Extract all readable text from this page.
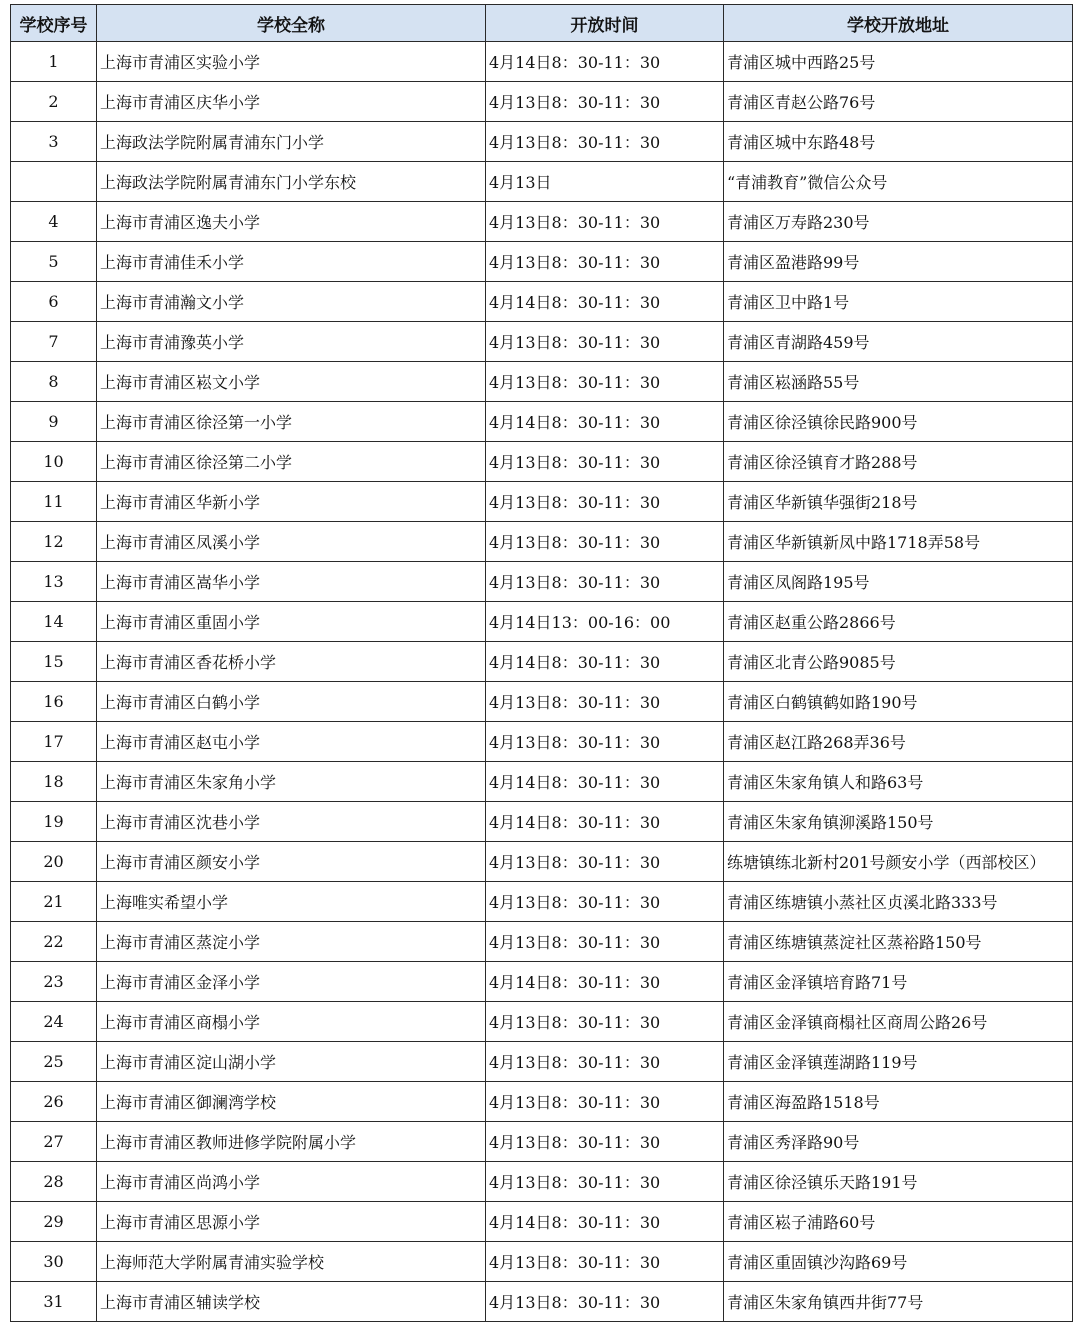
学校序号	学校全称	开放时间	学校开放地址
1	上海市青浦区实验小学	4月14日8：30-11：30	青浦区城中西路25号
2	上海市青浦区庆华小学	4月13日8：30-11：30	青浦区青赵公路76号
3	上海政法学院附属青浦东门小学	4月13日8：30-11：30	青浦区城中东路48号
	上海政法学院附属青浦东门小学东校	4月13日	“青浦教育”微信公众号
4	上海市青浦区逸夫小学	4月13日8：30-11：30	青浦区万寿路230号
5	上海市青浦佳禾小学	4月13日8：30-11：30	青浦区盈港路99号
6	上海市青浦瀚文小学	4月14日8：30-11：30	青浦区卫中路1号
7	上海市青浦豫英小学	4月13日8：30-11：30	青浦区青湖路459号
8	上海市青浦区崧文小学	4月13日8：30-11：30	青浦区崧涵路55号
9	上海市青浦区徐泾第一小学	4月14日8：30-11：30	青浦区徐泾镇徐民路900号
10	上海市青浦区徐泾第二小学	4月13日8：30-11：30	青浦区徐泾镇育才路288号
11	上海市青浦区华新小学	4月13日8：30-11：30	青浦区华新镇华强街218号
12	上海市青浦区凤溪小学	4月13日8：30-11：30	青浦区华新镇新凤中路1718弄58号
13	上海市青浦区嵩华小学	4月13日8：30-11：30	青浦区凤阁路195号
14	上海市青浦区重固小学	4月14日13：00-16：00	青浦区赵重公路2866号
15	上海市青浦区香花桥小学	4月14日8：30-11：30	青浦区北青公路9085号
16	上海市青浦区白鹤小学	4月13日8：30-11：30	青浦区白鹤镇鹤如路190号
17	上海市青浦区赵屯小学	4月13日8：30-11：30	青浦区赵江路268弄36号
18	上海市青浦区朱家角小学	4月14日8：30-11：30	青浦区朱家角镇人和路63号
19	上海市青浦区沈巷小学	4月14日8：30-11：30	青浦区朱家角镇泖溪路150号
20	上海市青浦区颜安小学	4月13日8：30-11：30	练塘镇练北新村201号颜安小学（西部校区）
21	上海唯实希望小学	4月13日8：30-11：30	青浦区练塘镇小蒸社区贞溪北路333号
22	上海市青浦区蒸淀小学	4月13日8：30-11：30	青浦区练塘镇蒸淀社区蒸裕路150号
23	上海市青浦区金泽小学	4月14日8：30-11：30	青浦区金泽镇培育路71号
24	上海市青浦区商榻小学	4月13日8：30-11：30	青浦区金泽镇商榻社区商周公路26号
25	上海市青浦区淀山湖小学	4月13日8：30-11：30	青浦区金泽镇莲湖路119号
26	上海市青浦区御澜湾学校	4月13日8：30-11：30	青浦区海盈路1518号
27	上海市青浦区教师进修学院附属小学	4月13日8：30-11：30	青浦区秀泽路90号
28	上海市青浦区尚鸿小学	4月13日8：30-11：30	青浦区徐泾镇乐天路191号
29	上海市青浦区思源小学	4月14日8：30-11：30	青浦区崧子浦路60号
30	上海师范大学附属青浦实验学校	4月13日8：30-11：30	青浦区重固镇沙沟路69号
31	上海市青浦区辅读学校	4月13日8：30-11：30	青浦区朱家角镇西井街77号
